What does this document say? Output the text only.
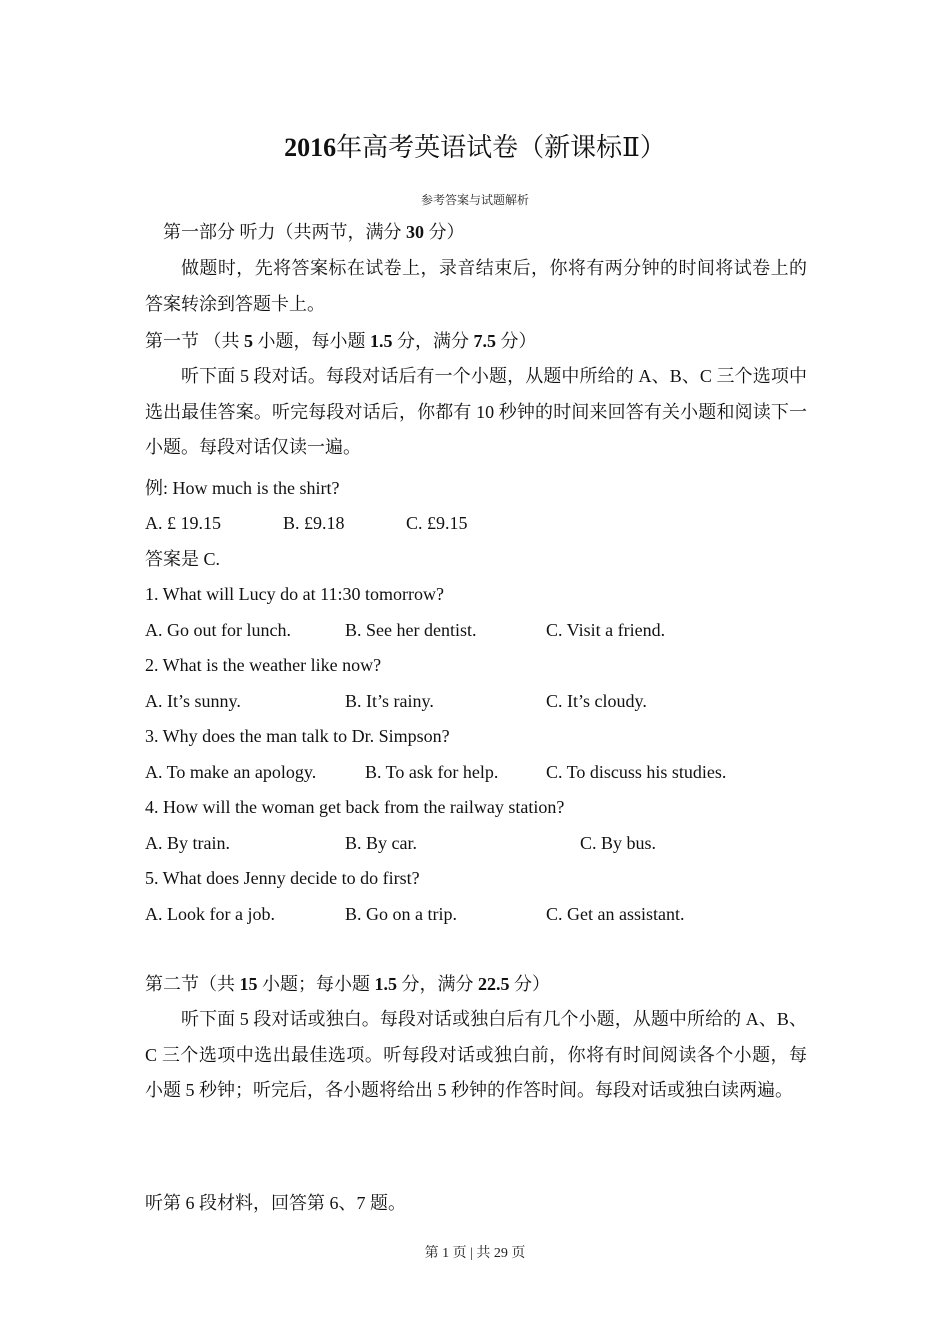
2016年高考英语试卷（新课标Ⅱ）
参考答案与试题解析
第一部分 听力（共两节，满分 30 分）
做题时，先将答案标在试卷上，录音结束后，你将有两分钟的时间将试卷上的答案转涂到答题卡上。
第一节 （共 5 小题，每小题 1.5 分，满分 7.5 分）
听下面 5 段对话。每段对话后有一个小题，从题中所给的 A、B、C 三个选项中选出最佳答案。听完每段对话后，你都有 10 秒钟的时间来回答有关小题和阅读下一小题。每段对话仅读一遍。
例: How much is the shirt?
A. £ 19.15	B. £9.18	C. £9.15
答案是 C.
1. What will Lucy do at 11:30 tomorrow?
A. Go out for lunch.	B. See her dentist.	C. Visit a friend.
2. What is the weather like now?
A. It’s sunny.	B. It’s rainy.	C. It’s cloudy.
3. Why does the man talk to Dr. Simpson?
A. To make an apology.	B. To ask for help.	C. To discuss his studies.
4. How will the woman get back from the railway station?
A. By train.	B. By car.	C. By bus.
5. What does Jenny decide to do first?
A. Look for a job.	B. Go on a trip.	C. Get an assistant.
第二节（共 15 小题；每小题 1.5 分，满分 22.5 分）
听下面 5 段对话或独白。每段对话或独白后有几个小题，从题中所给的 A、B、C 三个选项中选出最佳选项。听每段对话或独白前，你将有时间阅读各个小题，每小题 5 秒钟；听完后，各小题将给出 5 秒钟的作答时间。每段对话或独白读两遍。
听第 6 段材料，回答第 6、7 题。
第 1 页 | 共 29 页
